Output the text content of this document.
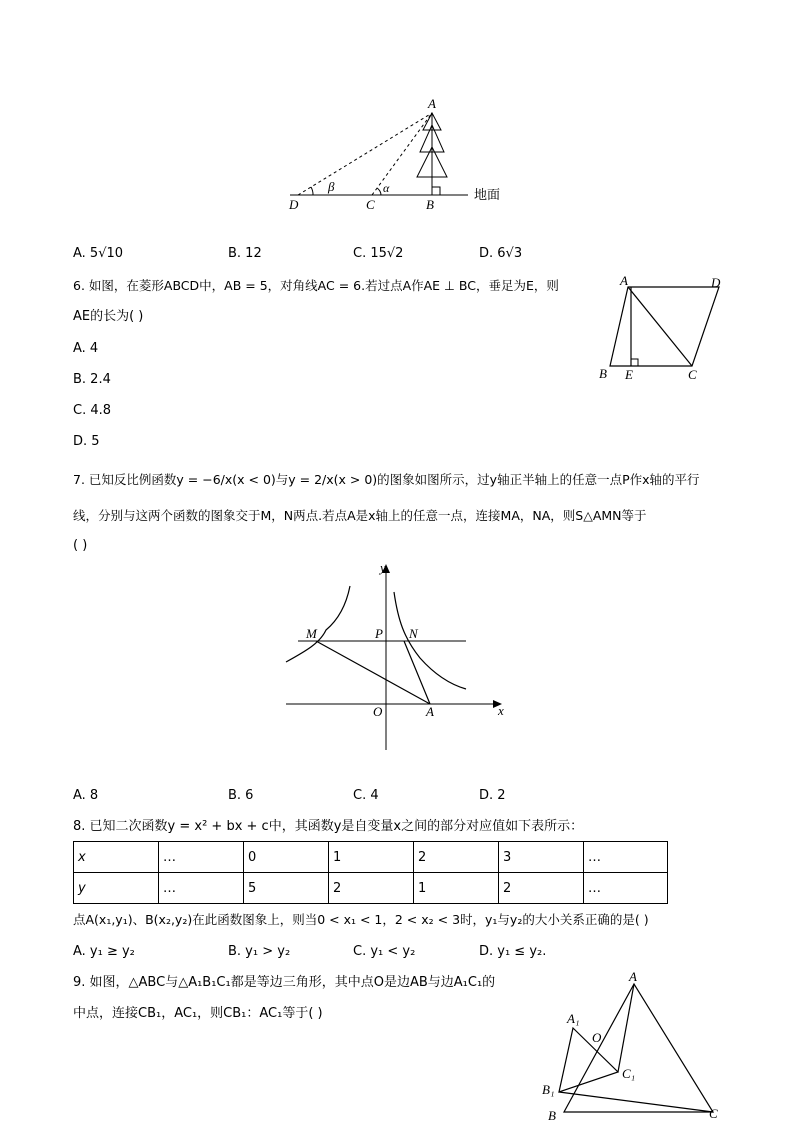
A
D	C	B
β	α	地面
A. 5√10	B. 12	C. 15√2	D. 6√3
6. 如图，在菱形ABCD中，AB = 5，对角线AC = 6.若过点A作AE ⊥ BC，垂足为E，则
AE的长为( )
A. 4
B. 2.4
C. 4.8
D. 5
A	D
B E	C
7. 已知反比例函数y = −6/x(x < 0)与y = 2/x(x > 0)的图象如图所示，过y轴正半轴上的任意一点P作x轴的平行
线，分别与这两个函数的图象交于M，N两点.若点A是x轴上的任意一点，连接MA，NA，则S△AMN等于
( )
y
x
O	A
M	P N
A. 8	B. 6	C. 4	D. 2
8. 已知二次函数y = x² + bx + c中，其函数y是自变量x之间的部分对应值如下表所示：
x	…	0	1	2	3	…
y	…	5	2	1	2	…
点A(x₁,y₁)、B(x₂,y₂)在此函数图象上，则当0 < x₁ < 1，2 < x₂ < 3时，y₁与y₂的大小关系正确的是( )
A. y₁ ≥ y₂	B. y₁ > y₂	C. y₁ < y₂	D. y₁ ≤ y₂.
9. 如图，△ABC与△A₁B₁C₁都是等边三角形，其中点O是边AB与边A₁C₁的
中点，连接CB₁，AC₁，则CB₁：AC₁等于( )
A
B	C
A₁
B₁
C₁
O
